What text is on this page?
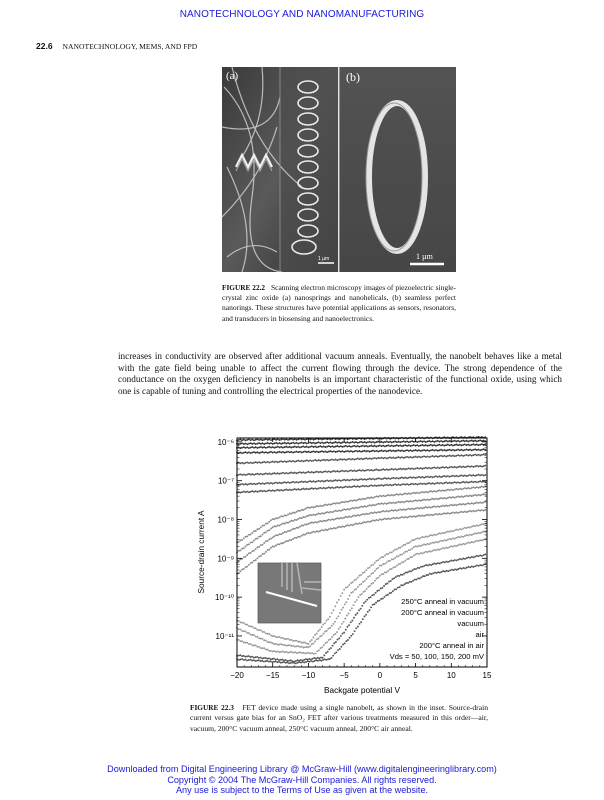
NANOTECHNOLOGY AND NANOMANUFACTURING
22.6 NANOTECHNOLOGY, MEMS, AND FPD
(a)
1 µm
(b)
1 µm
FIGURE 22.2 Scanning electron microscopy images of piezoelectric single-crystal zinc oxide (a) nanosprings and nanohelicals, (b) seamless perfect nanorings. These structures have potential applications as sensors, resonators, and transducers in biosensing and nanoelectronics.
increases in conductivity are observed after additional vacuum anneals. Eventually, the nanobelt behaves like a metal with the gate field being unable to affect the current flowing through the device. The strong dependence of the conductance on the oxygen deficiency in nanobelts is an important characteristic of the functional oxide, using which one is capable of tuning and controlling the electrical properties of the nanodevice.
−20	−15	−10	−5	0	5	10	15
10⁻⁶
10⁻⁷
10⁻⁸
10⁻⁹
10⁻¹⁰
10⁻¹¹
250°C anneal in vacuum
200°C anneal in vacuum
vacuum
air
200°C anneal in air
Vds = 50, 100, 150, 200 mV
Source-drain current A
Backgate potential V
FIGURE 22.3 FET device made using a single nanobelt, as shown in the inset. Source-drain current versus gate bias for an SnO₂ FET after various treatments measured in this order—air, vacuum, 200°C vacuum anneal, 250°C vacuum anneal, 200°C air anneal.
Downloaded from Digital Engineering Library @ McGraw-Hill (www.digitalengineeringlibrary.com)
Copyright © 2004 The McGraw-Hill Companies. All rights reserved.
Any use is subject to the Terms of Use as given at the website.
